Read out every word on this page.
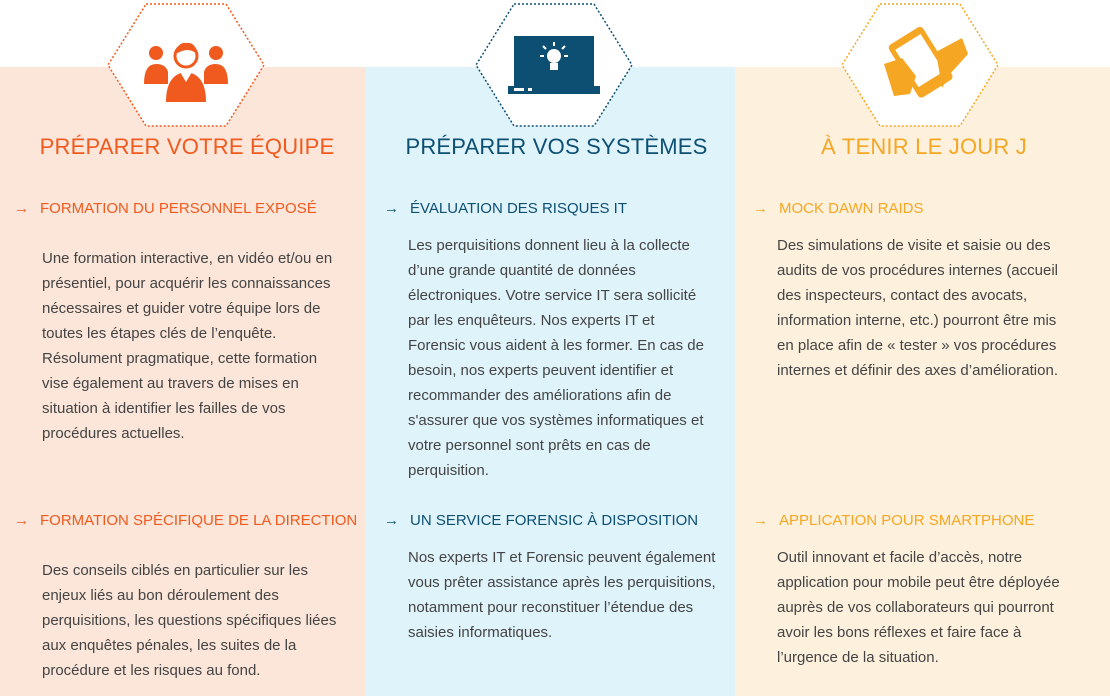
PRÉPARER VOTRE ÉQUIPE	PRÉPARER VOS SYSTÈMES	À TENIR LE JOUR J
→ FORMATION DU PERSONNEL EXPOSÉ
Une formation interactive, en vidéo et/ou en
présentiel, pour acquérir les connaissances
nécessaires et guider votre équipe lors de
toutes les étapes clés de l’enquête.
Résolument pragmatique, cette formation
vise également au travers de mises en
situation à identifier les failles de vos
procédures actuelles.
→ FORMATION SPÉCIFIQUE DE LA DIRECTION
Des conseils ciblés en particulier sur les
enjeux liés au bon déroulement des
perquisitions, les questions spécifiques liées
aux enquêtes pénales, les suites de la
procédure et les risques au fond.
→ ÉVALUATION DES RISQUES IT
Les perquisitions donnent lieu à la collecte
d’une grande quantité de données
électroniques. Votre service IT sera sollicité
par les enquêteurs. Nos experts IT et
Forensic vous aident à les former. En cas de
besoin, nos experts peuvent identifier et
recommander des améliorations afin de
s'assurer que vos systèmes informatiques et
votre personnel sont prêts en cas de
perquisition.
→ UN SERVICE FORENSIC À DISPOSITION
Nos experts IT et Forensic peuvent également
vous prêter assistance après les perquisitions,
notamment pour reconstituer l’étendue des
saisies informatiques.
→ MOCK DAWN RAIDS
Des simulations de visite et saisie ou des
audits de vos procédures internes (accueil
des inspecteurs, contact des avocats,
information interne, etc.) pourront être mis
en place afin de « tester » vos procédures
internes et définir des axes d’amélioration.
→ APPLICATION POUR SMARTPHONE
Outil innovant et facile d’accès, notre
application pour mobile peut être déployée
auprès de vos collaborateurs qui pourront
avoir les bons réflexes et faire face à
l’urgence de la situation.
